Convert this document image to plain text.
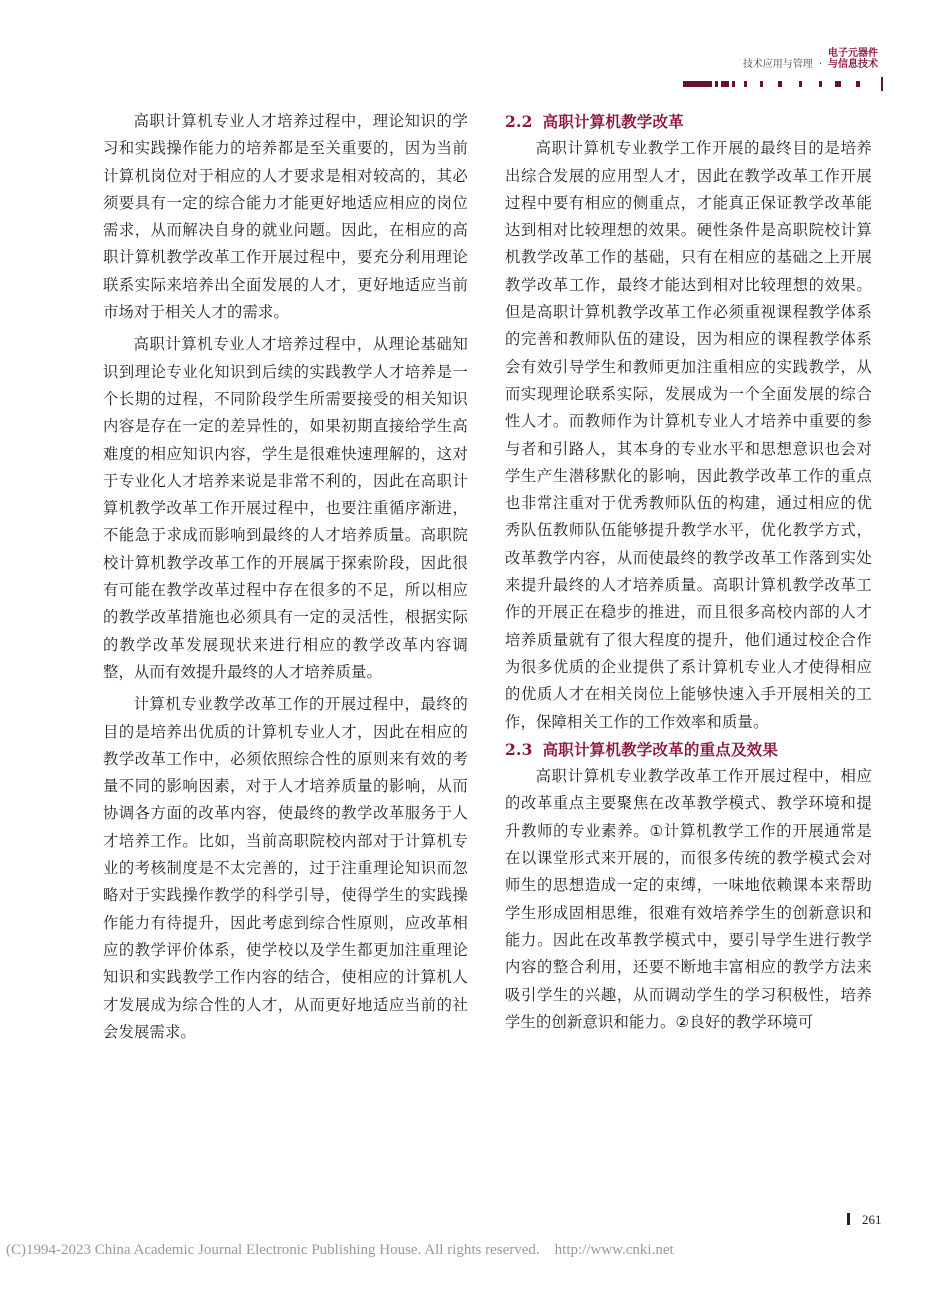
技术应用与管理 ·
电子元器件
与信息技术

高职计算机专业人才培养过程中，理论知识的学习和实践操作能力的培养都是至关重要的，因为当前计算机岗位对于相应的人才要求是相对较高的，其必须要具有一定的综合能力才能更好地适应相应的岗位需求，从而解决自身的就业问题。因此，在相应的高职计算机教学改革工作开展过程中，要充分利用理论联系实际来培养出全面发展的人才，更好地适应当前市场对于相关人才的需求。

高职计算机专业人才培养过程中，从理论基础知识到理论专业化知识到后续的实践教学人才培养是一个长期的过程，不同阶段学生所需要接受的相关知识内容是存在一定的差异性的，如果初期直接给学生高难度的相应知识内容，学生是很难快速理解的，这对于专业化人才培养来说是非常不利的，因此在高职计算机教学改革工作开展过程中，也要注重循序渐进，不能急于求成而影响到最终的人才培养质量。高职院校计算机教学改革工作的开展属于探索阶段，因此很有可能在教学改革过程中存在很多的不足，所以相应的教学改革措施也必须具有一定的灵活性，根据实际的教学改革发展现状来进行相应的教学改革内容调整，从而有效提升最终的人才培养质量。

计算机专业教学改革工作的开展过程中，最终的目的是培养出优质的计算机专业人才，因此在相应的教学改革工作中，必须依照综合性的原则来有效的考量不同的影响因素，对于人才培养质量的影响，从而协调各方面的改革内容，使最终的教学改革服务于人才培养工作。比如，当前高职院校内部对于计算机专业的考核制度是不太完善的，过于注重理论知识而忽略对于实践操作教学的科学引导，使得学生的实践操作能力有待提升，因此考虑到综合性原则，应改革相应的教学评价体系，使学校以及学生都更加注重理论知识和实践教学工作内容的结合，使相应的计算机人才发展成为综合性的人才，从而更好地适应当前的社会发展需求。

2.2 高职计算机教学改革

高职计算机专业教学工作开展的最终目的是培养出综合发展的应用型人才，因此在教学改革工作开展过程中要有相应的侧重点，才能真正保证教学改革能达到相对比较理想的效果。硬性条件是高职院校计算机教学改革工作的基础，只有在相应的基础之上开展教学改革工作，最终才能达到相对比较理想的效果。但是高职计算机教学改革工作必须重视课程教学体系的完善和教师队伍的建设，因为相应的课程教学体系会有效引导学生和教师更加注重相应的实践教学，从而实现理论联系实际，发展成为一个全面发展的综合性人才。而教师作为计算机专业人才培养中重要的参与者和引路人，其本身的专业水平和思想意识也会对学生产生潜移默化的影响，因此教学改革工作的重点也非常注重对于优秀教师队伍的构建，通过相应的优秀队伍教师队伍能够提升教学水平，优化教学方式，改革教学内容，从而使最终的教学改革工作落到实处来提升最终的人才培养质量。高职计算机教学改革工作的开展正在稳步的推进，而且很多高校内部的人才培养质量就有了很大程度的提升，他们通过校企合作为很多优质的企业提供了系计算机专业人才使得相应的优质人才在相关岗位上能够快速入手开展相关的工作，保障相关工作的工作效率和质量。

2.3 高职计算机教学改革的重点及效果

高职计算机专业教学改革工作开展过程中，相应的改革重点主要聚焦在改革教学模式、教学环境和提升教师的专业素养。①计算机教学工作的开展通常是在以课堂形式来开展的，而很多传统的教学模式会对师生的思想造成一定的束缚，一味地依赖课本来帮助学生形成固相思维，很难有效培养学生的创新意识和能力。因此在改革教学模式中，要引导学生进行教学内容的整合利用，还要不断地丰富相应的教学方法来吸引学生的兴趣，从而调动学生的学习积极性，培养学生的创新意识和能力。②良好的教学环境可

261
(C)1994-2023 China Academic Journal Electronic Publishing House. All rights reserved.    http://www.cnki.net
